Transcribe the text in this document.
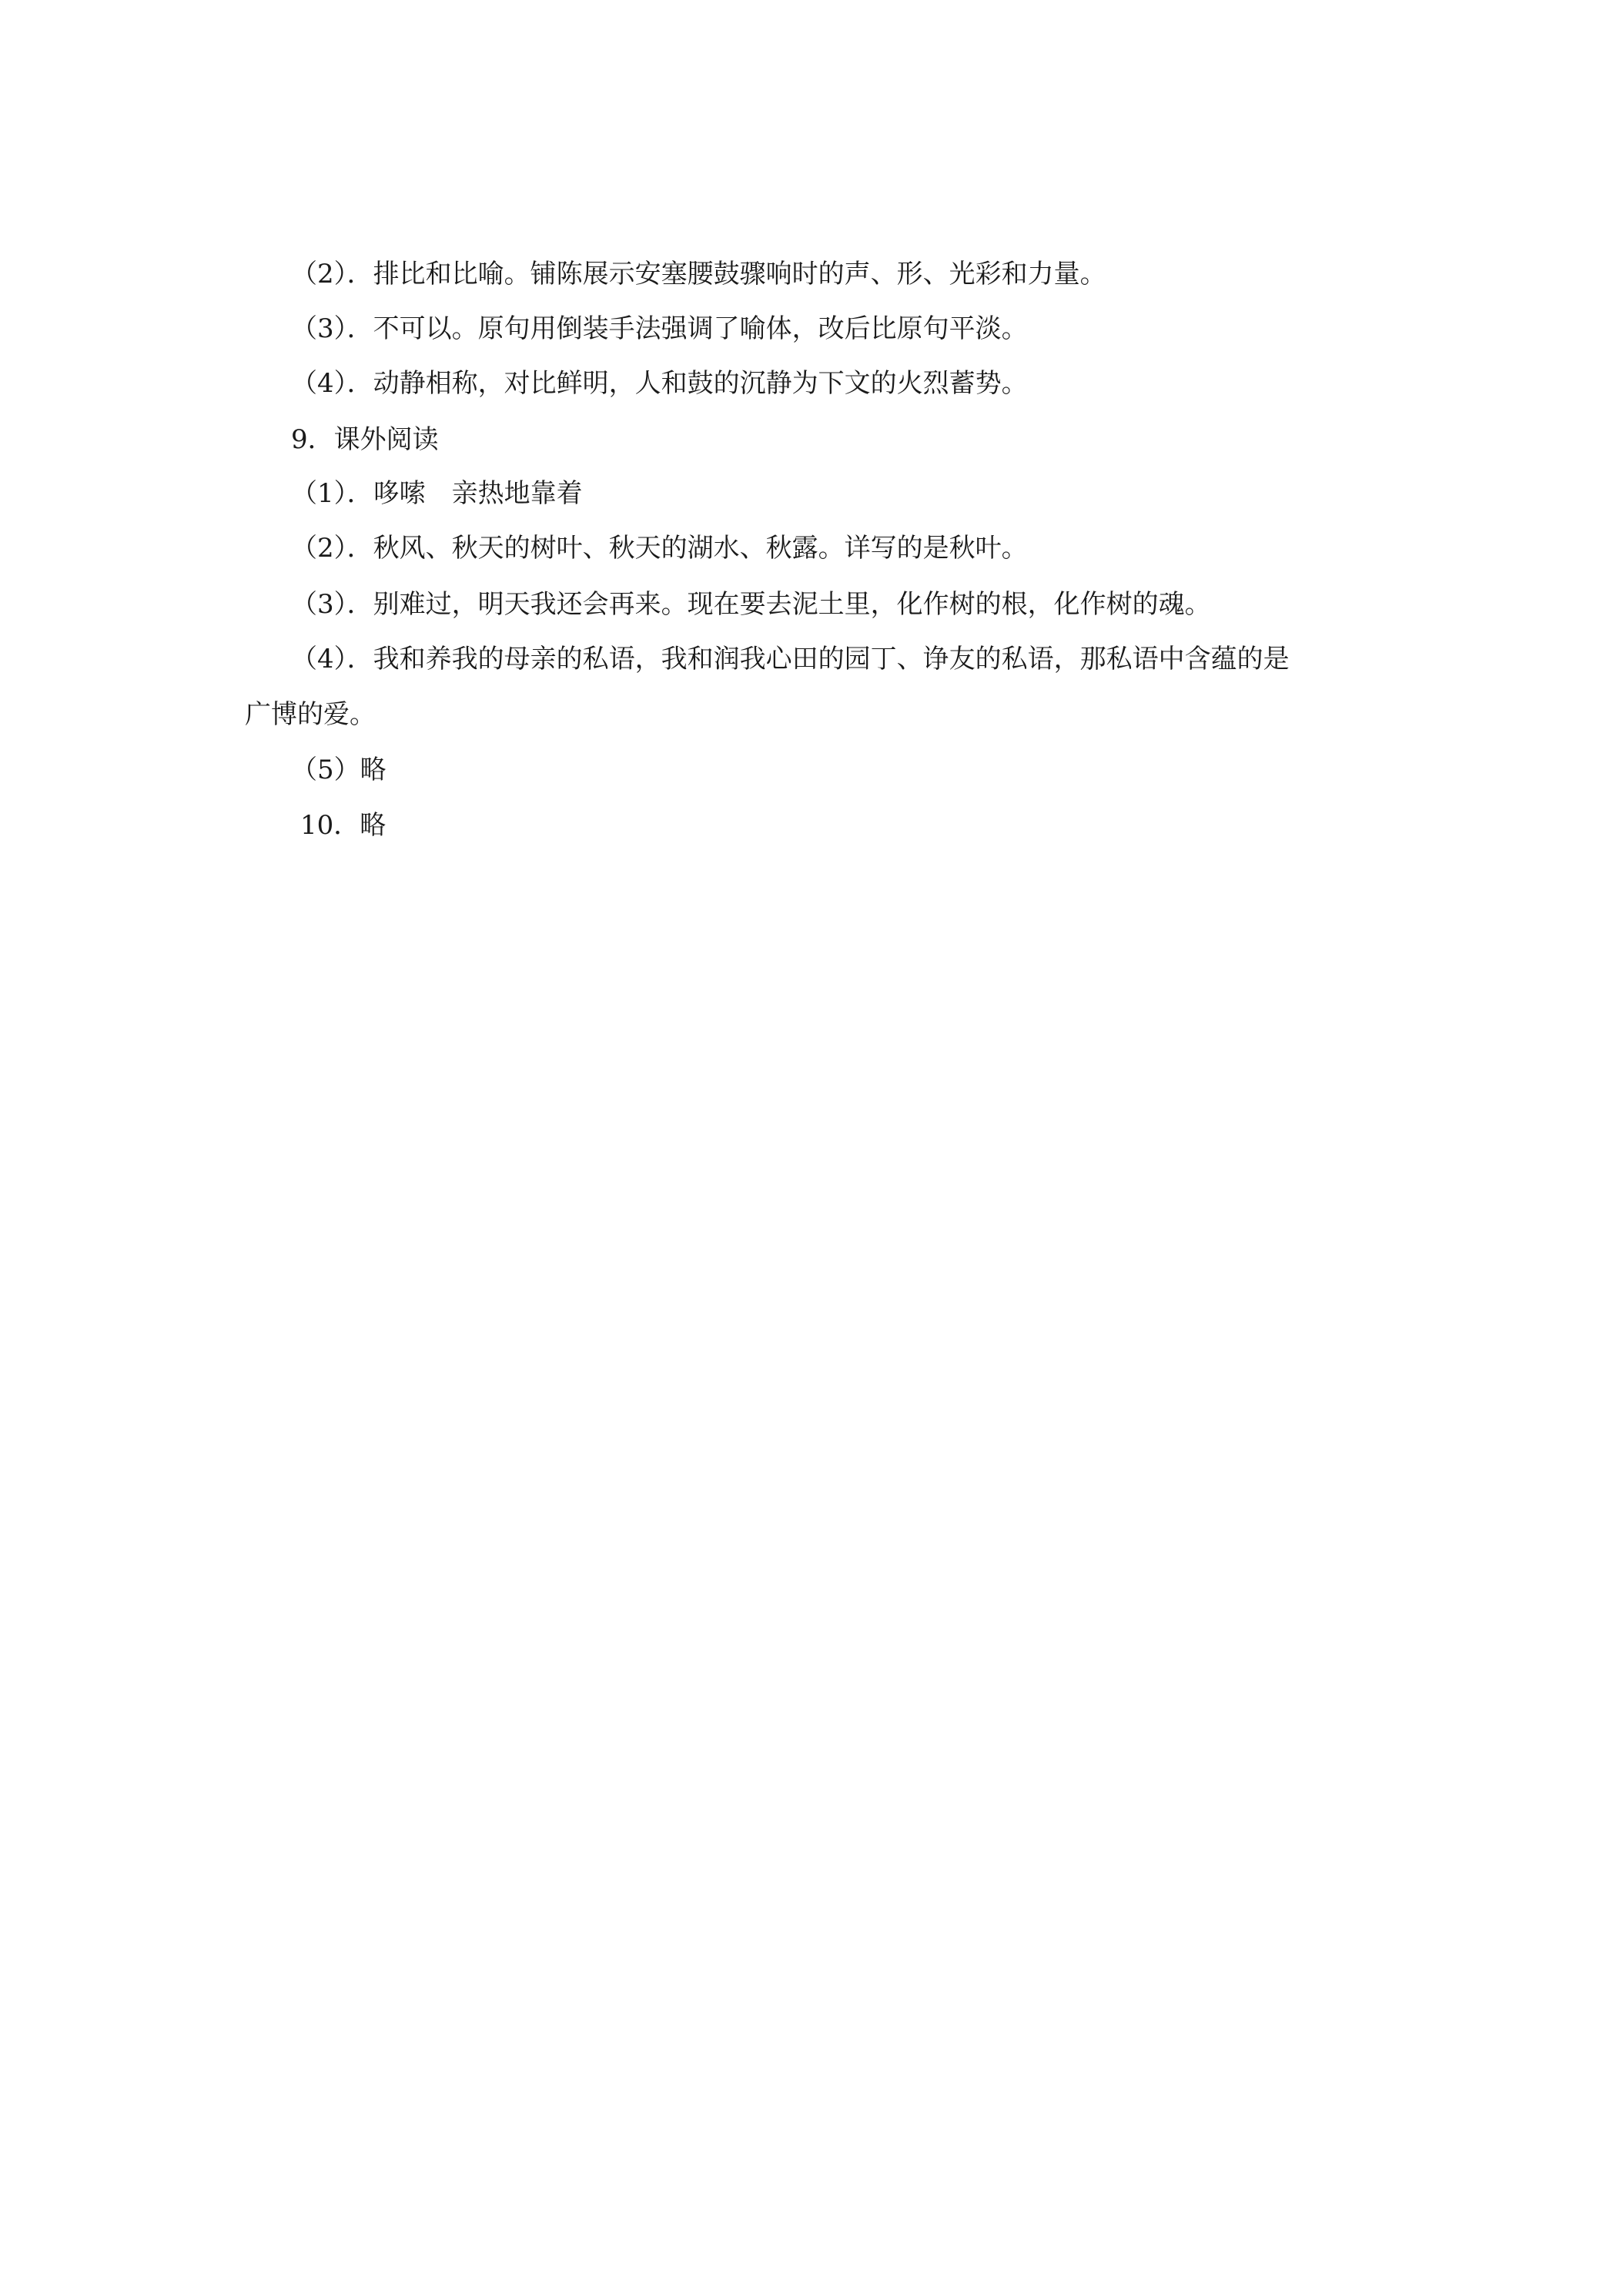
（2）．排比和比喻。铺陈展示安塞腰鼓骤响时的声、形、光彩和力量。
（3）．不可以。原句用倒装手法强调了喻体，改后比原句平淡。
（4）．动静相称，对比鲜明，人和鼓的沉静为下文的火烈蓄势。
9．课外阅读
（1）．哆嗦　亲热地靠着
（2）．秋风、秋天的树叶、秋天的湖水、秋露。详写的是秋叶。
（3）．别难过，明天我还会再来。现在要去泥土里，化作树的根，化作树的魂。
（4）．我和养我的母亲的私语，我和润我心田的园丁、诤友的私语，那私语中含蕴的是
广博的爱。
（5）略
10．略
